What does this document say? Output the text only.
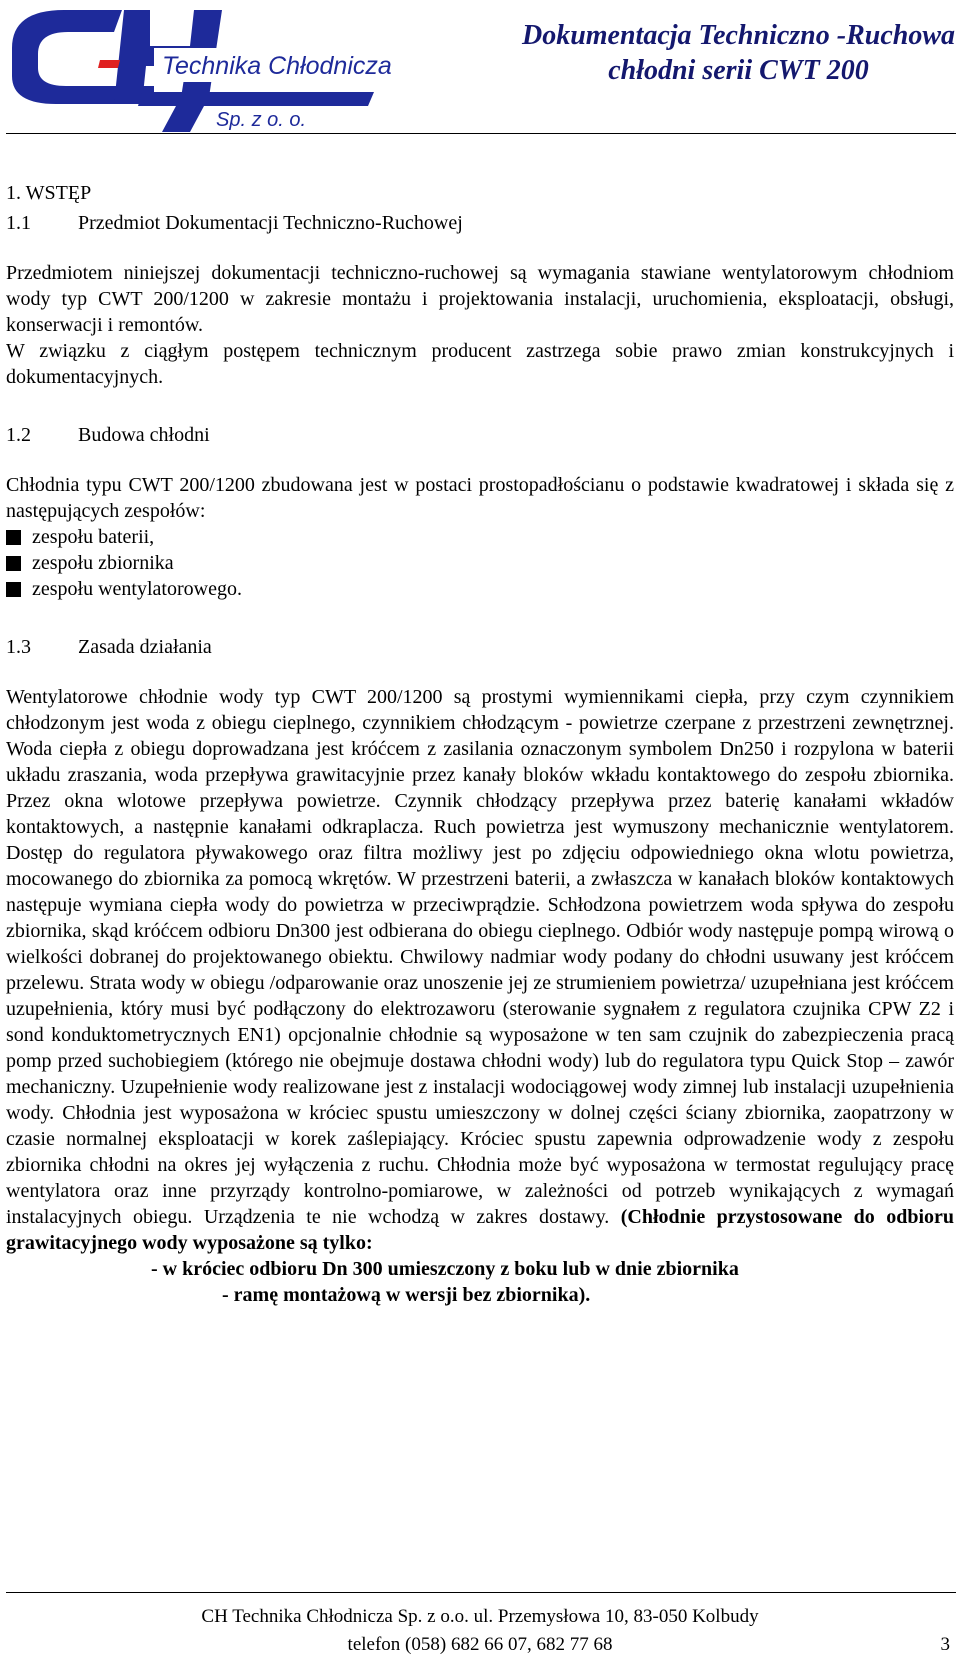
Technika Chłodnicza
Sp. z o. o.
Dokumentacja Techniczno -Ruchowa
chłodni serii CWT 200
1. WSTĘP
1.1	Przedmiot Dokumentacji Techniczno-Ruchowej
Przedmiotem niniejszej dokumentacji techniczno-ruchowej są wymagania stawiane wentylatorowym chłodniom wody typ CWT 200/1200 w zakresie montażu i projektowania instalacji, uruchomienia, eksploatacji, obsługi, konserwacji i remontów.
W związku z ciągłym postępem technicznym producent zastrzega sobie prawo zmian konstrukcyjnych i dokumentacyjnych.
1.2	Budowa chłodni
Chłodnia typu CWT 200/1200 zbudowana jest w postaci prostopadłościanu o podstawie kwadratowej i składa się z następujących zespołów:
zespołu baterii,
zespołu zbiornika
zespołu wentylatorowego.
1.3	Zasada działania
Wentylatorowe chłodnie wody typ CWT 200/1200 są prostymi wymiennikami ciepła, przy czym czynnikiem chłodzonym jest woda z obiegu cieplnego, czynnikiem chłodzącym - powietrze czerpane z przestrzeni zewnętrznej. Woda ciepła z obiegu doprowadzana jest króćcem z zasilania oznaczonym symbolem Dn250 i rozpylona w baterii układu zraszania, woda przepływa grawitacyjnie przez kanały bloków wkładu kontaktowego do zespołu zbiornika. Przez okna wlotowe przepływa powietrze. Czynnik chłodzący przepływa przez baterię kanałami wkładów kontaktowych, a następnie kanałami odkraplacza. Ruch powietrza jest wymuszony mechanicznie wentylatorem. Dostęp do regulatora pływakowego oraz filtra możliwy jest po zdjęciu odpowiedniego okna wlotu powietrza, mocowanego do zbiornika za pomocą wkrętów. W przestrzeni baterii, a zwłaszcza w kanałach bloków kontaktowych następuje wymiana ciepła wody do powietrza w przeciwprądzie. Schłodzona powietrzem woda spływa do zespołu zbiornika, skąd króćcem odbioru Dn300 jest odbierana do obiegu cieplnego. Odbiór wody następuje pompą wirową o wielkości dobranej do projektowanego obiektu. Chwilowy nadmiar wody podany do chłodni usuwany jest króćcem przelewu. Strata wody w obiegu /odparowanie oraz unoszenie jej ze strumieniem powietrza/ uzupełniana jest króćcem uzupełnienia, który musi być podłączony do elektrozaworu (sterowanie sygnałem z regulatora czujnika CPW Z2 i sond konduktometrycznych EN1) opcjonalnie chłodnie są wyposażone w ten sam czujnik do zabezpieczenia pracą pomp przed suchobiegiem (którego nie obejmuje dostawa chłodni wody) lub do regulatora typu Quick Stop – zawór mechaniczny. Uzupełnienie wody realizowane jest z instalacji wodociągowej wody zimnej lub instalacji uzupełnienia wody. Chłodnia jest wyposażona w króciec spustu umieszczony w dolnej części ściany zbiornika, zaopatrzony w czasie normalnej eksploatacji w korek zaślepiający. Króciec spustu zapewnia odprowadzenie wody z zespołu zbiornika chłodni na okres jej wyłączenia z ruchu. Chłodnia może być wyposażona w termostat regulujący pracę wentylatora oraz inne przyrządy kontrolno-pomiarowe, w zależności od potrzeb wynikających z wymagań instalacyjnych obiegu. Urządzenia te nie wchodzą w zakres dostawy. (Chłodnie przystosowane do odbioru grawitacyjnego wody wyposażone są tylko:
- w króciec odbioru Dn 300 umieszczony z boku lub w dnie zbiornika
- ramę montażową w wersji bez zbiornika).
CH Technika Chłodnicza Sp. z o.o. ul. Przemysłowa 10, 83-050 Kolbudy
telefon (058) 682 66 07, 682 77 68	3
